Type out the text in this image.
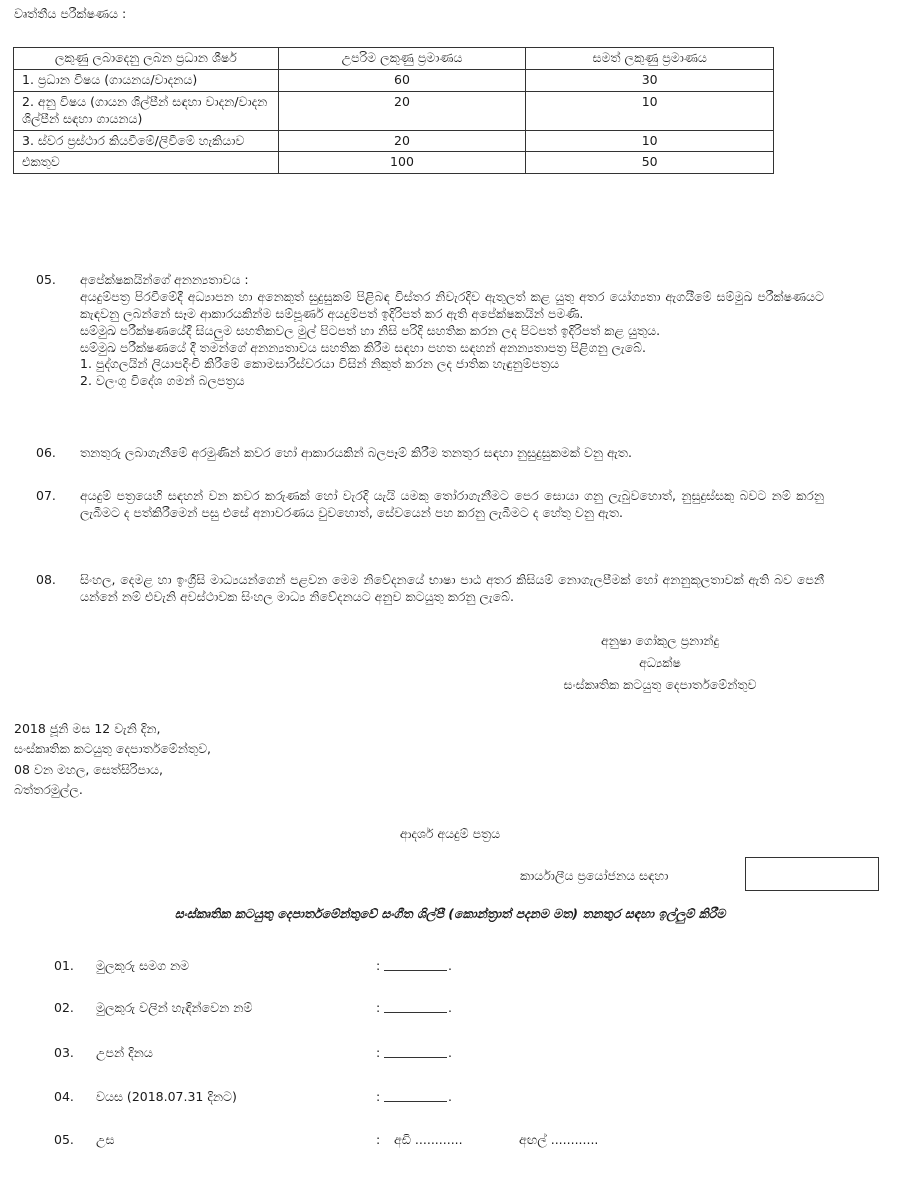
වෘත්තීය පරීක්ෂණය :
ලකුණු ලබාදෙනු ලබන ප්‍රධාන ශීර්ෂ	උපරිම ලකුණු ප්‍රමාණය	සමත් ලකුණු ප්‍රමාණය
1. ප්‍රධාන විෂය (ගායනය/වාදනය)	60	30
2. අනු විෂය (ගායන ශිල්පීන් සඳහා වාදන/වාදන ශිල්පීන් සඳහා ගායනය)	20	10
3. ස්වර ප්‍රස්ථාර කියවීමේ/ලිවීමේ හැකියාව	20	10
එකතුව	100	50
05.	අපේක්ෂකයින්ගේ අනන්‍යතාවය :

අයදුම්පත්‍ර පිරවීමේදී අධ්‍යාපන හා අනෙකුත් සුදුසුකම් පිළිබඳ විස්තර නිවැරදිව ඇතුලත් කළ යුතු අතර යෝග්‍යතා ඇගයීමේ සම්මුඛ පරීක්ෂණයට කැඳවනු ලබන්නේ සෑම ආකාරයකින්ම සම්පූර්ණ අයදුම්පත් ඉදිරිපත් කර ඇති අපේක්ෂකයින් පමණි.

සම්මුඛ පරීක්ෂණයේදී සියලුම සහතිකවල මුල් පිටපත් හා නිසි පරිදි සහතික කරන ලද පිටපත් ඉදිරිපත් කළ යුතුය.

සම්මුඛ පරීක්ෂණයේ දී තමන්ගේ අනන්‍යතාවය සහතික කිරීම සඳහා පහත සඳහන් අනන්‍යතාපත්‍ර පිළිගනු ලැබේ.

1. පුද්ගලයින් ලියාපදිංචි කිරීමේ කොමසාරිස්වරයා විසින් නිකුත් කරන ලද ජාතික හැඳුනුම්පත්‍රය

2. වලංගු විදේශ ගමන් බලපත්‍රය

06.	තනතුරු ලබාගැනීමේ අරමුණින් කවර හෝ ආකාරයකින් බලපෑම් කිරීම තනතුර සඳහා නුසුදුසුකමක් වනු ඇත.
07.	අයදුම් පත්‍රයෙහි සඳහන් වන කවර කරුණක් හෝ වැරදි යැයි යමකු තෝරාගැනීමට පෙර සොයා ගනු ලැබුවහොත්, නුසුදුස්සකු බවට නම් කරනු ලැබීමට ද පත්කිරීමෙන් පසු එසේ අනාවරණය වුවහොත්, සේවයෙන් පහ කරනු ලැබීමට ද හේතු වනු ඇත.
08.	සිංහල, දෙමළ හා ඉංග්‍රීසි මාධ්‍යයන්ගෙන් පළවන මෙම නිවේදනයේ භාෂා පාඨ අතර කිසියම් නොගැලපීමක් හෝ අනනුකූලතාවක් ඇති බව පෙනී යන්නේ නම් එවැනි අවස්ථාවක සිංහල මාධ්‍ය නිවේදනයට අනුව කටයුතු කරනු ලැබේ.
අනුෂා ගෝකුල ප්‍රනාන්දු
අධ්‍යක්ෂ
සංස්කෘතික කටයුතු දෙපාර්තමේන්තුව
2018 ජූනි මස 12 වැනි දින,
සංස්කෘතික කටයුතු දෙපාර්තමේන්තුව,
08 වන මහල, සෙත්සිරිපාය,
බත්තරමුල්ල.
ආදර්ශ අයදුම් පත්‍රය
කාර්යාලීය ප්‍රයෝජනය සඳහා
සංස්කෘතික කටයුතු දෙපාර්තමේන්තුවේ සංගීත ශිල්පී (කොන්ත්‍රාත් පදනම මත) තනතුර සඳහා ඉල්ලුම් කිරීම
01. මුලකුරු සමග නම	:	.
02. මුලකුරු වලින් හැඳින්වෙන නම්	:	.
03. උපන් දිනය	:	.
04. වයස (2018.07.31 දිනට)	:	.
05. උස	: අඩි ............	අඟල් ............
